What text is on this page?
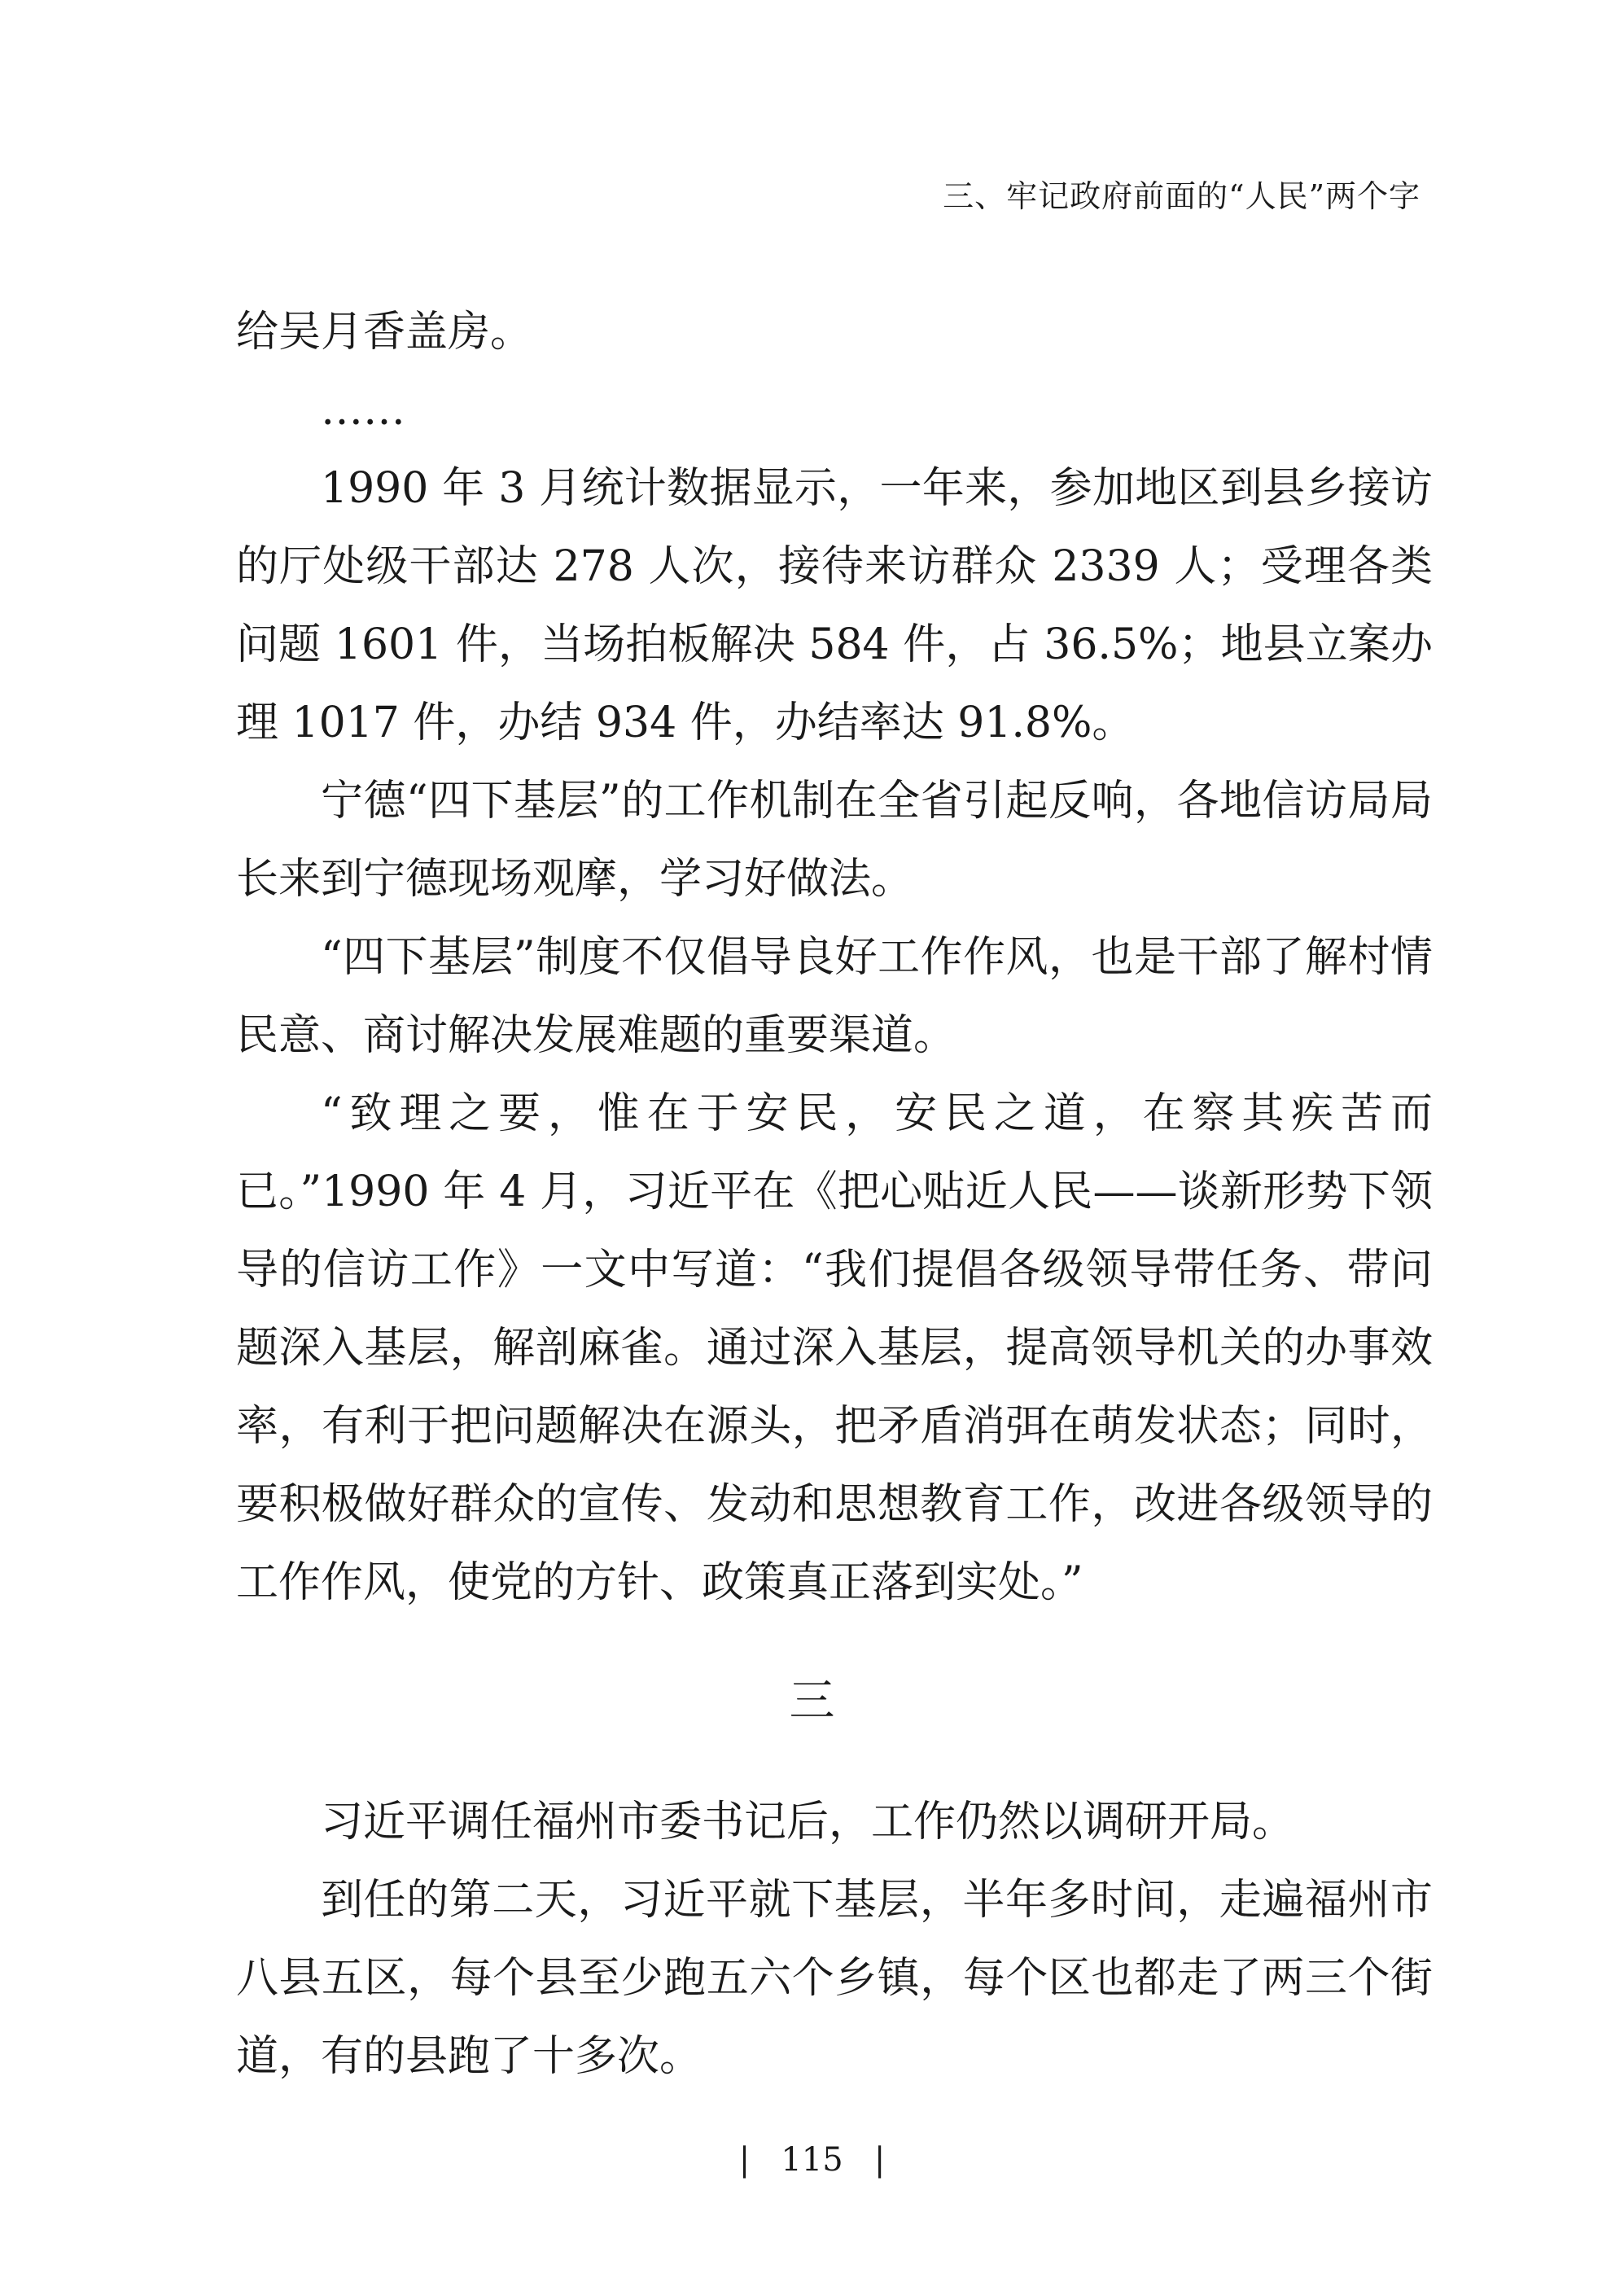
三、牢记政府前面的“人民”两个字

给吴月香盖房。

……

1990 年 3 月统计数据显示，一年来，参加地区到县乡接访的厅处级干部达 278 人次，接待来访群众 2339 人；受理各类问题 1601 件，当场拍板解决 584 件，占 36.5%；地县立案办理 1017 件，办结 934 件，办结率达 91.8%。

宁德“四下基层”的工作机制在全省引起反响，各地信访局局长来到宁德现场观摩，学习好做法。

“四下基层”制度不仅倡导良好工作作风，也是干部了解村情民意、商讨解决发展难题的重要渠道。

“致理之要，惟在于安民，安民之道，在察其疾苦而已。”1990 年 4 月，习近平在《把心贴近人民——谈新形势下领导的信访工作》一文中写道：“我们提倡各级领导带任务、带问题深入基层，解剖麻雀。通过深入基层，提高领导机关的办事效率，有利于把问题解决在源头，把矛盾消弭在萌发状态；同时，要积极做好群众的宣传、发动和思想教育工作，改进各级领导的工作作风，使党的方针、政策真正落到实处。”

三

习近平调任福州市委书记后，工作仍然以调研开局。

到任的第二天，习近平就下基层，半年多时间，走遍福州市八县五区，每个县至少跑五六个乡镇，每个区也都走了两三个街道，有的县跑了十多次。

|   115   |
